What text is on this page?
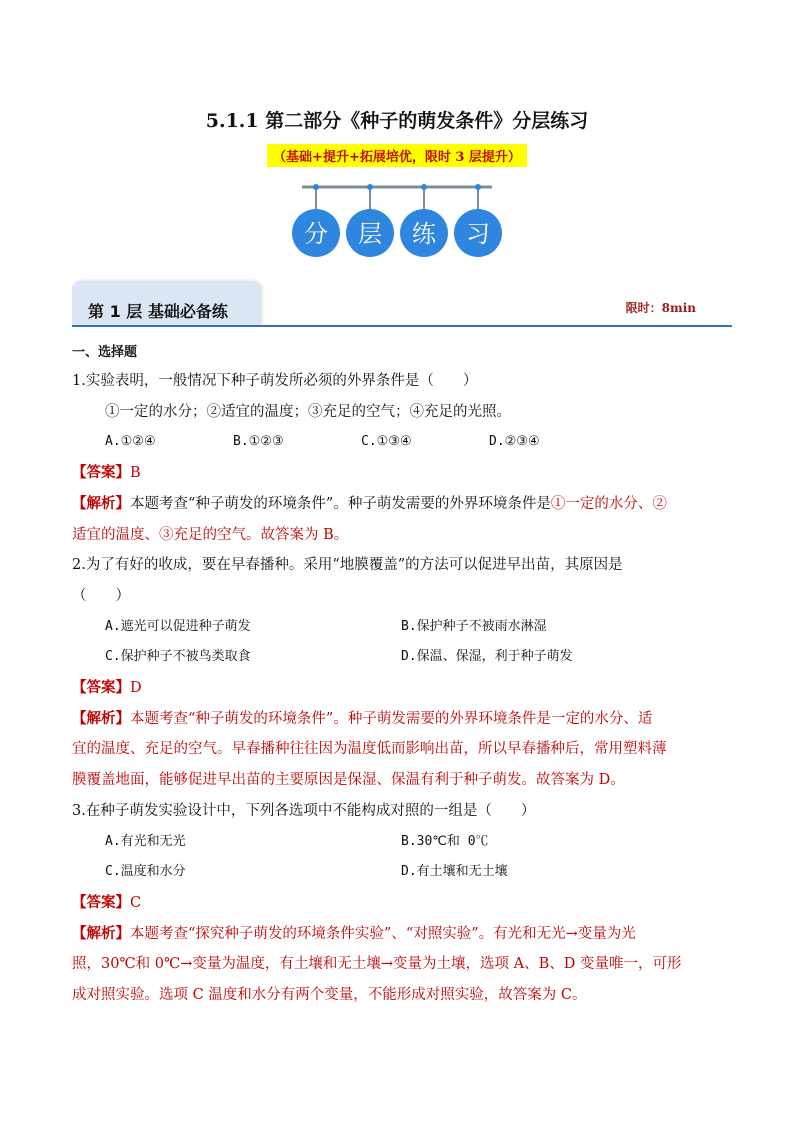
5.1.1 第二部分《种子的萌发条件》分层练习
（基础+提升+拓展培优，限时 3 层提升）
分 层 练 习
第 1 层 基础必备练	限时：8min

一、选择题

1.实验表明，一般情况下种子萌发所必须的外界条件是（　　）

①一定的水分；②适宜的温度；③充足的空气；④充足的光照。

A.①②④	B.①②③	C.①③④	D.②③④

【答案】B

【解析】本题考查“种子萌发的环境条件”。种子萌发需要的外界环境条件是①一定的水分、②

适宜的温度、③充足的空气。故答案为 B。

2.为了有好的收成，要在早春播种。采用“地膜覆盖”的方法可以促进早出苗，其原因是

（　　）

A.遮光可以促进种子萌发	B.保护种子不被雨水淋湿
C.保护种子不被鸟类取食	D.保温、保湿，利于种子萌发

【答案】D

【解析】本题考查“种子萌发的环境条件”。种子萌发需要的外界环境条件是一定的水分、适

宜的温度、充足的空气。早春播种往往因为温度低而影响出苗，所以早春播种后，常用塑料薄

膜覆盖地面，能够促进早出苗的主要原因是保湿、保温有利于种子萌发。故答案为 D。

3.在种子萌发实验设计中，下列各选项中不能构成对照的一组是（　　）

A.有光和无光	B.30℃和 0℃
C.温度和水分	D.有土壤和无土壤

【答案】C

【解析】本题考查“探究种子萌发的环境条件实验”、“对照实验”。有光和无光→变量为光

照，30℃和 0℃→变量为温度，有土壤和无土壤→变量为土壤，选项 A、B、D 变量唯一，可形

成对照实验。选项 C 温度和水分有两个变量，不能形成对照实验，故答案为 C。
